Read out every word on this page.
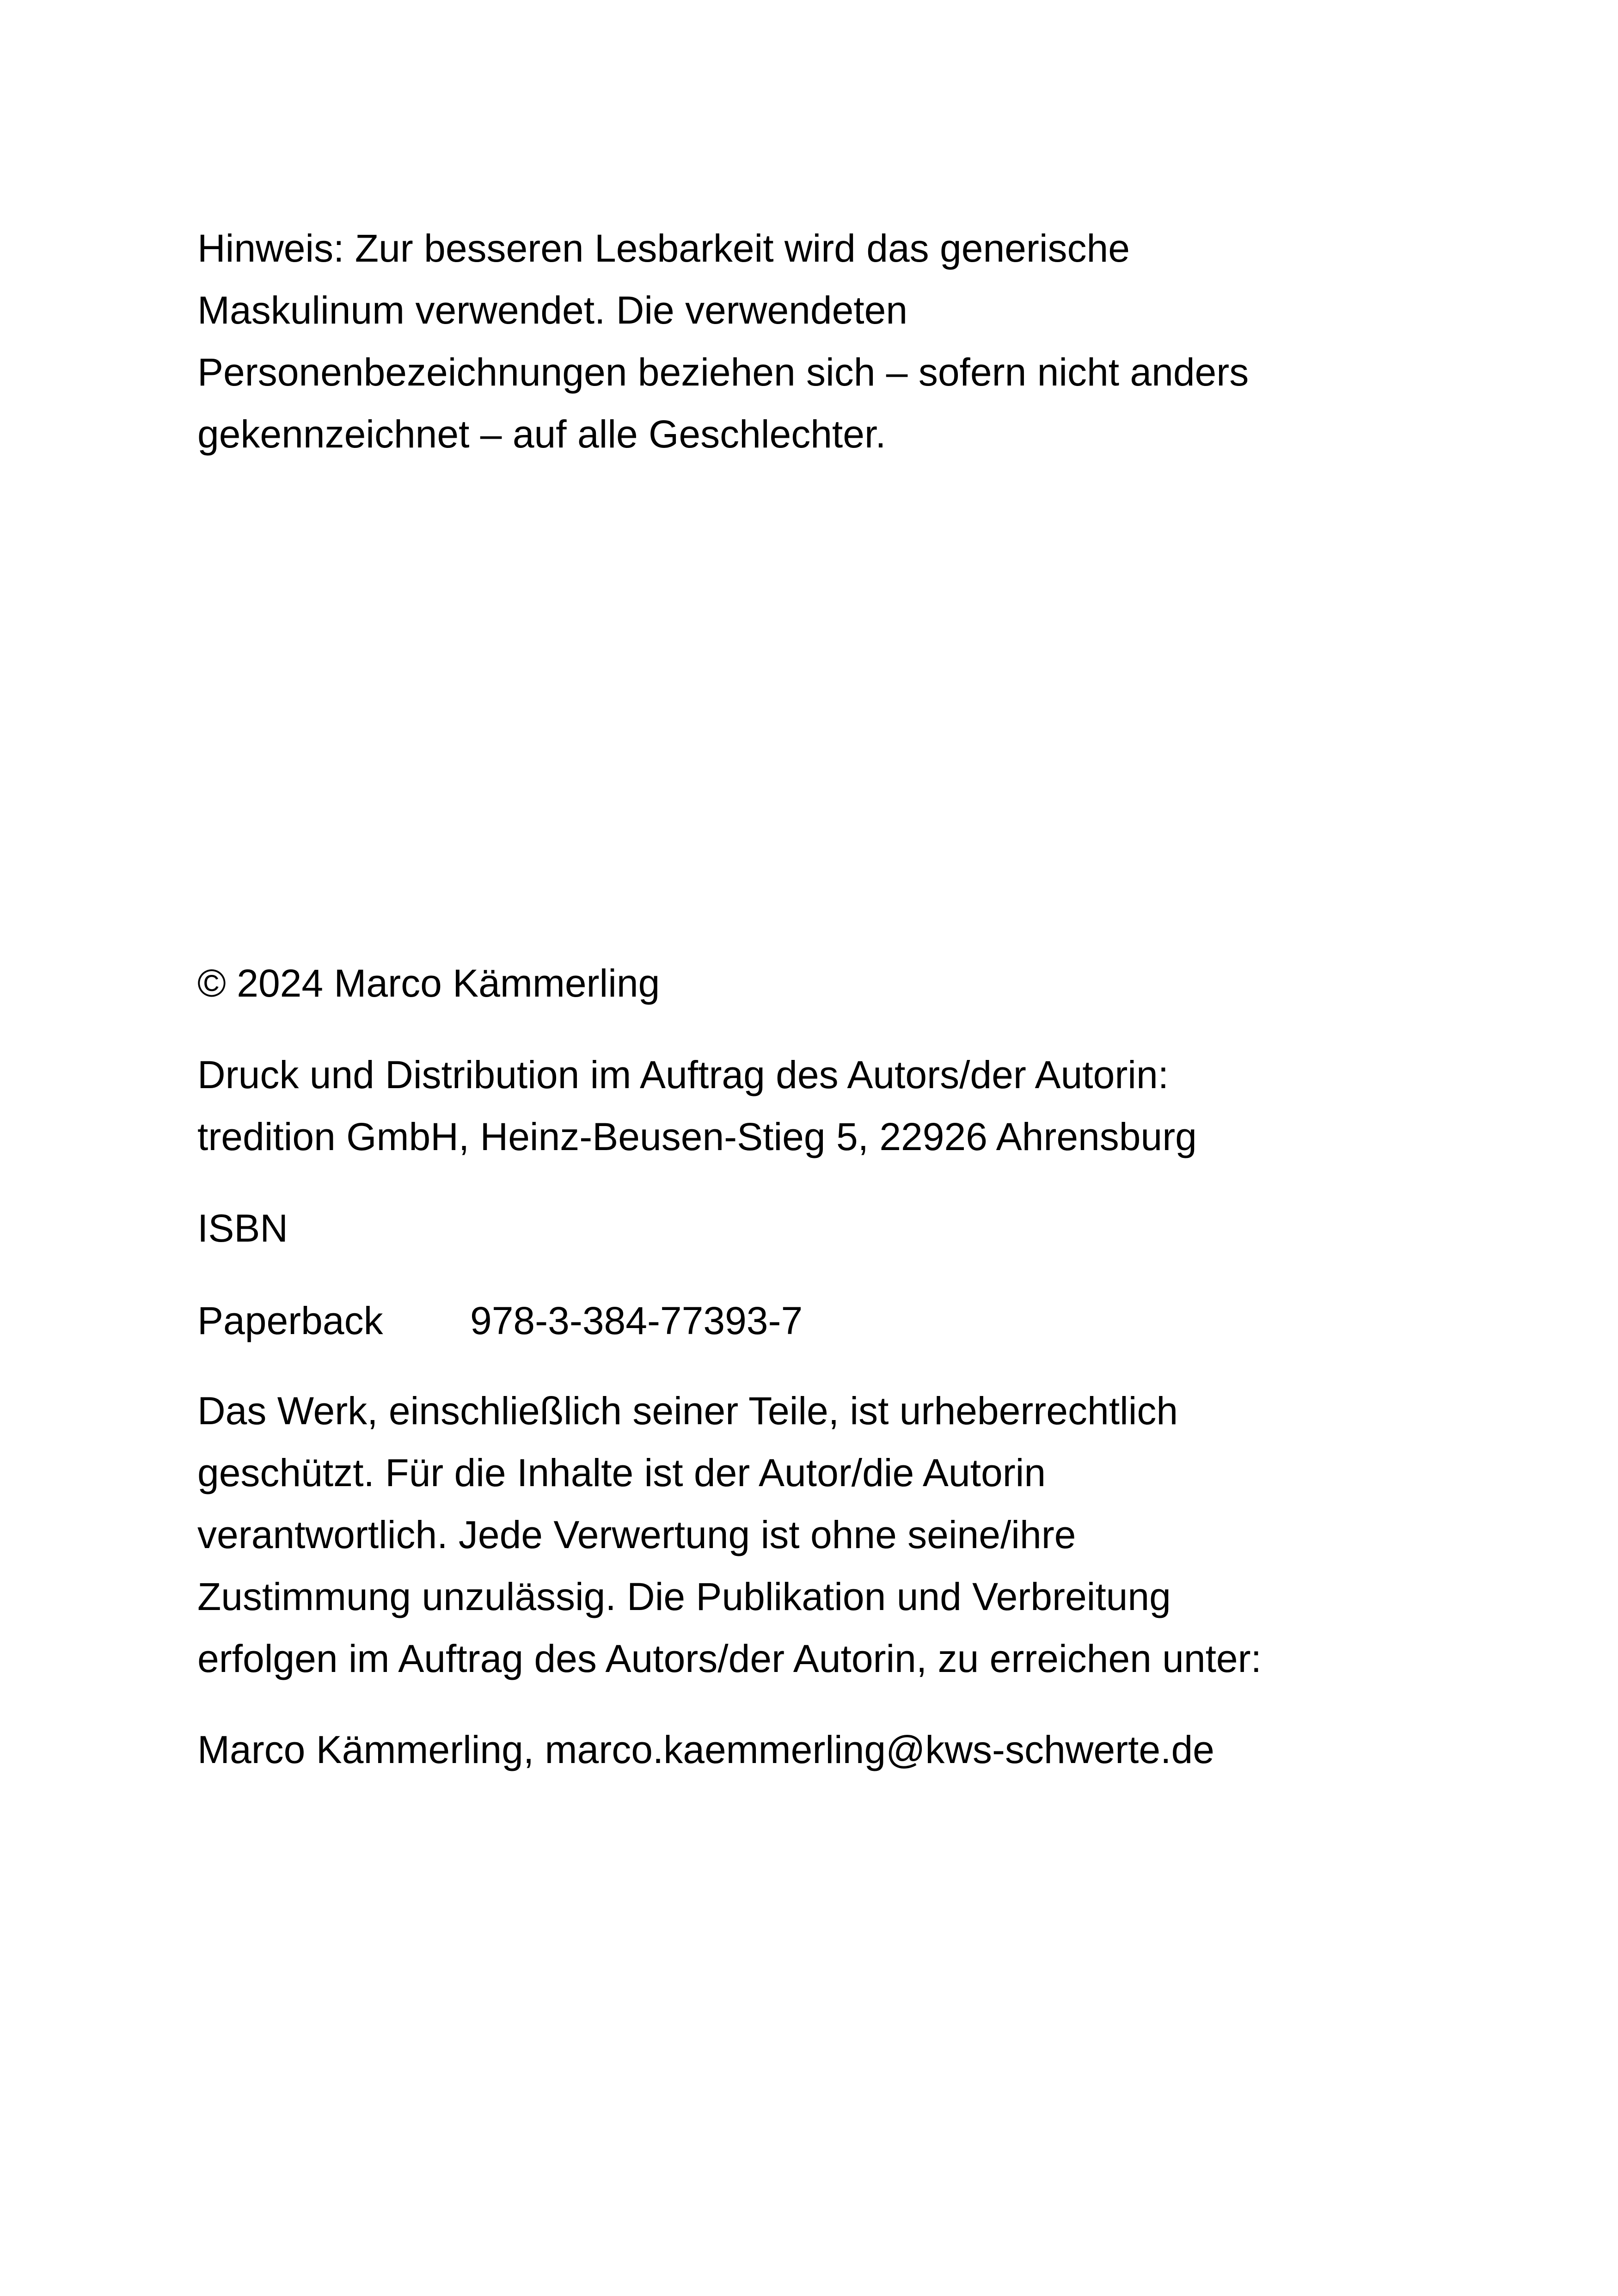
Hinweis: Zur besseren Lesbarkeit wird das generische
Maskulinum verwendet. Die verwendeten
Personenbezeichnungen beziehen sich – sofern nicht anders
gekennzeichnet – auf alle Geschlechter.
© 2024 Marco Kämmerling
Druck und Distribution im Auftrag des Autors/der Autorin:
tredition GmbH, Heinz-Beusen-Stieg 5, 22926 Ahrensburg
ISBN
Paperback 978-3-384-77393-7
Das Werk, einschließlich seiner Teile, ist urheberrechtlich
geschützt. Für die Inhalte ist der Autor/die Autorin
verantwortlich. Jede Verwertung ist ohne seine/ihre
Zustimmung unzulässig. Die Publikation und Verbreitung
erfolgen im Auftrag des Autors/der Autorin, zu erreichen unter:
Marco Kämmerling, marco.kaemmerling@kws-schwerte.de
